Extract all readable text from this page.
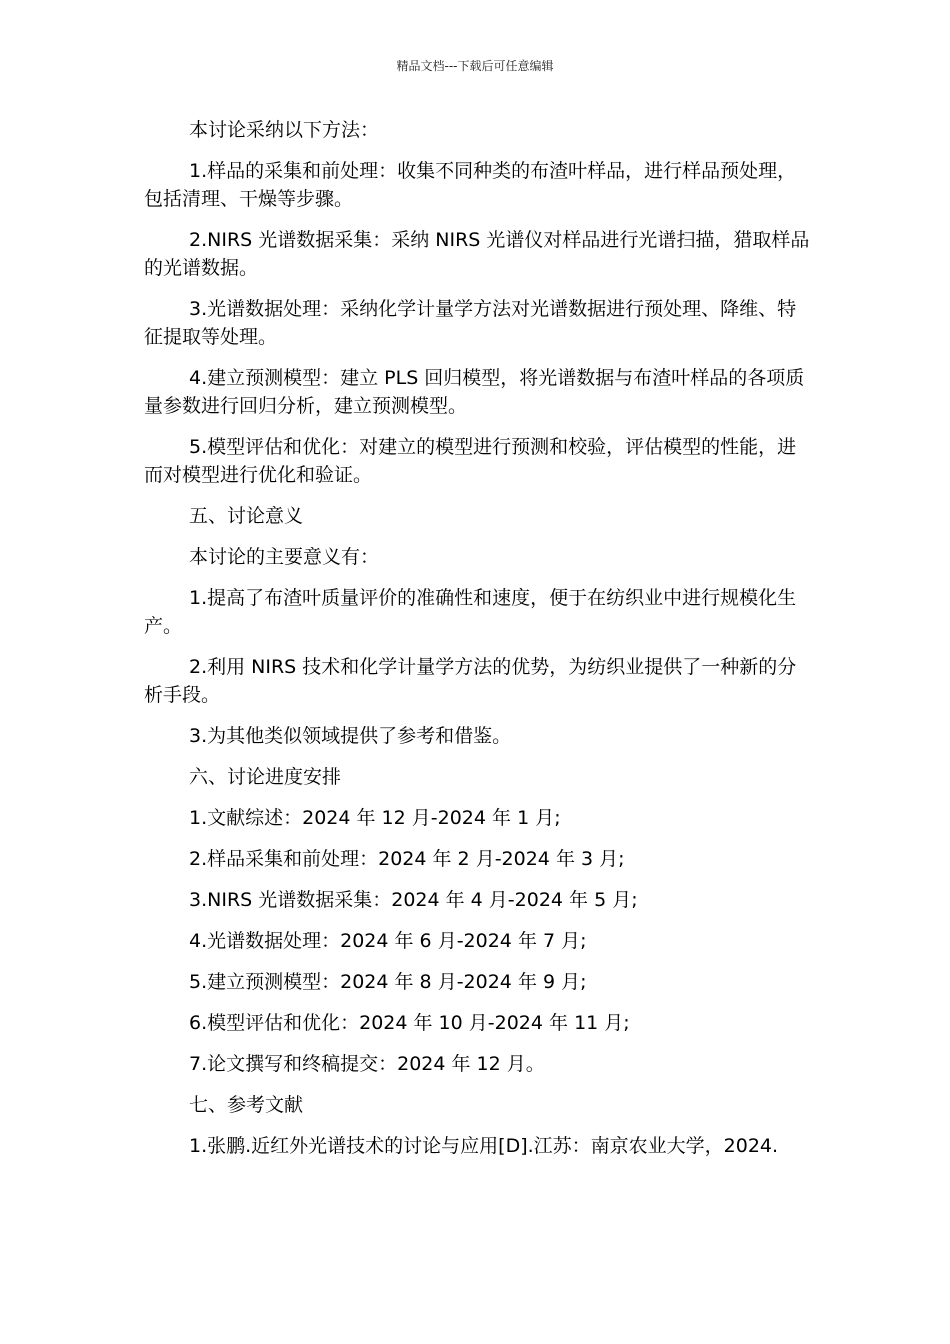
精品文档---下载后可任意编辑

本讨论采纳以下方法：

1.样品的采集和前处理：收集不同种类的布渣叶样品，进行样品预处理，包括清理、干燥等步骤。

2.NIRS 光谱数据采集：采纳 NIRS 光谱仪对样品进行光谱扫描，猎取样品的光谱数据。

3.光谱数据处理：采纳化学计量学方法对光谱数据进行预处理、降维、特征提取等处理。

4.建立预测模型：建立 PLS 回归模型，将光谱数据与布渣叶样品的各项质量参数进行回归分析，建立预测模型。

5.模型评估和优化：对建立的模型进行预测和校验，评估模型的性能，进而对模型进行优化和验证。

五、讨论意义

本讨论的主要意义有：

1.提高了布渣叶质量评价的准确性和速度，便于在纺织业中进行规模化生产。

2.利用 NIRS 技术和化学计量学方法的优势，为纺织业提供了一种新的分析手段。

3.为其他类似领域提供了参考和借鉴。

六、讨论进度安排

1.文献综述：2024 年 12 月-2024 年 1 月;

2.样品采集和前处理：2024 年 2 月-2024 年 3 月;

3.NIRS 光谱数据采集：2024 年 4 月-2024 年 5 月;

4.光谱数据处理：2024 年 6 月-2024 年 7 月;

5.建立预测模型：2024 年 8 月-2024 年 9 月;

6.模型评估和优化：2024 年 10 月-2024 年 11 月;

7.论文撰写和终稿提交：2024 年 12 月。

七、参考文献

1.张鹏.近红外光谱技术的讨论与应用[D].江苏：南京农业大学，2024.
